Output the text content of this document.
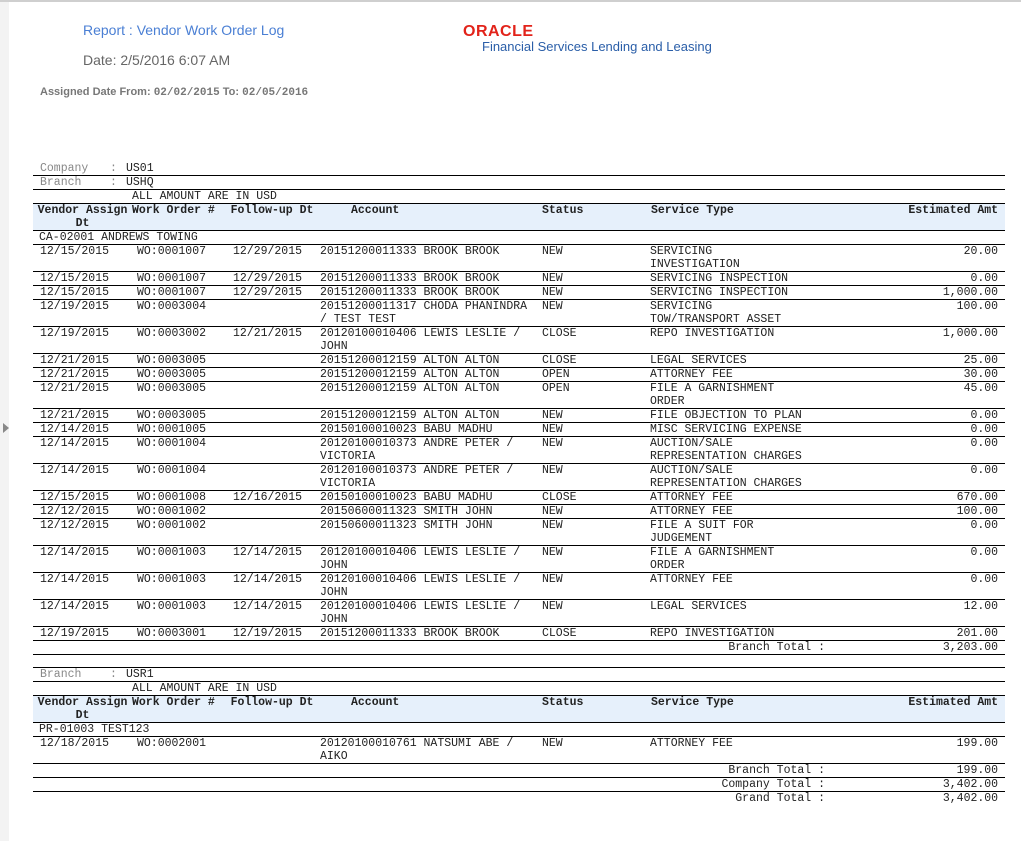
Report : Vendor Work Order Log
Date: 2/5/2016 6:07 AM
Assigned Date From: 02/02/2015 To: 02/05/2016
ORACLE
Financial Services Lending and Leasing
Company :US01						
Branch :USHQ						
	ALL AMOUNT ARE IN USD					
Vendor Assign Dt	Work Order #	Follow-up Dt	Account	Status	Service Type	Estimated Amt
CA-02001 ANDREWS TOWING						
12/15/2015	WO:0001007	12/29/2015	20151200011333 BROOK BROOK	NEW	SERVICING INVESTIGATION	20.00
12/15/2015	WO:0001007	12/29/2015	20151200011333 BROOK BROOK	NEW	SERVICING INSPECTION	0.00
12/15/2015	WO:0001007	12/29/2015	20151200011333 BROOK BROOK	NEW	SERVICING INSPECTION	1,000.00
12/19/2015	WO:0003004		20151200011317 CHODA PHANINDRA / TEST TEST	NEW	SERVICING TOW/TRANSPORT ASSET	100.00
12/19/2015	WO:0003002	12/21/2015	20120100010406 LEWIS LESLIE / JOHN	CLOSE	REPO INVESTIGATION	1,000.00
12/21/2015	WO:0003005		20151200012159 ALTON ALTON	CLOSE	LEGAL SERVICES	25.00
12/21/2015	WO:0003005		20151200012159 ALTON ALTON	OPEN	ATTORNEY FEE	30.00
12/21/2015	WO:0003005		20151200012159 ALTON ALTON	OPEN	FILE A GARNISHMENT ORDER	45.00
12/21/2015	WO:0003005		20151200012159 ALTON ALTON	NEW	FILE OBJECTION TO PLAN	0.00
12/14/2015	WO:0001005		20150100010023 BABU MADHU	NEW	MISC SERVICING EXPENSE	0.00
12/14/2015	WO:0001004		20120100010373 ANDRE PETER / VICTORIA	NEW	AUCTION/SALE REPRESENTATION CHARGES	0.00
12/14/2015	WO:0001004		20120100010373 ANDRE PETER / VICTORIA	NEW	AUCTION/SALE REPRESENTATION CHARGES	0.00
12/15/2015	WO:0001008	12/16/2015	20150100010023 BABU MADHU	CLOSE	ATTORNEY FEE	670.00
12/12/2015	WO:0001002		20150600011323 SMITH JOHN	NEW	ATTORNEY FEE	100.00
12/12/2015	WO:0001002		20150600011323 SMITH JOHN	NEW	FILE A SUIT FOR JUDGEMENT	0.00
12/14/2015	WO:0001003	12/14/2015	20120100010406 LEWIS LESLIE / JOHN	NEW	FILE A GARNISHMENT ORDER	0.00
12/14/2015	WO:0001003	12/14/2015	20120100010406 LEWIS LESLIE / JOHN	NEW	ATTORNEY FEE	0.00
12/14/2015	WO:0001003	12/14/2015	20120100010406 LEWIS LESLIE / JOHN	NEW	LEGAL SERVICES	12.00
12/19/2015	WO:0003001	12/19/2015	20151200011333 BROOK BROOK	CLOSE	REPO INVESTIGATION	201.00
Branch Total :						3,203.00

Branch :USR1						
	ALL AMOUNT ARE IN USD					
Vendor Assign Dt	Work Order #	Follow-up Dt	Account	Status	Service Type	Estimated Amt
PR-01003 TEST123						
12/18/2015	WO:0002001		20120100010761 NATSUMI ABE / AIKO	NEW	ATTORNEY FEE	199.00
Branch Total :						199.00
Company Total :						3,402.00
Grand Total :						3,402.00
